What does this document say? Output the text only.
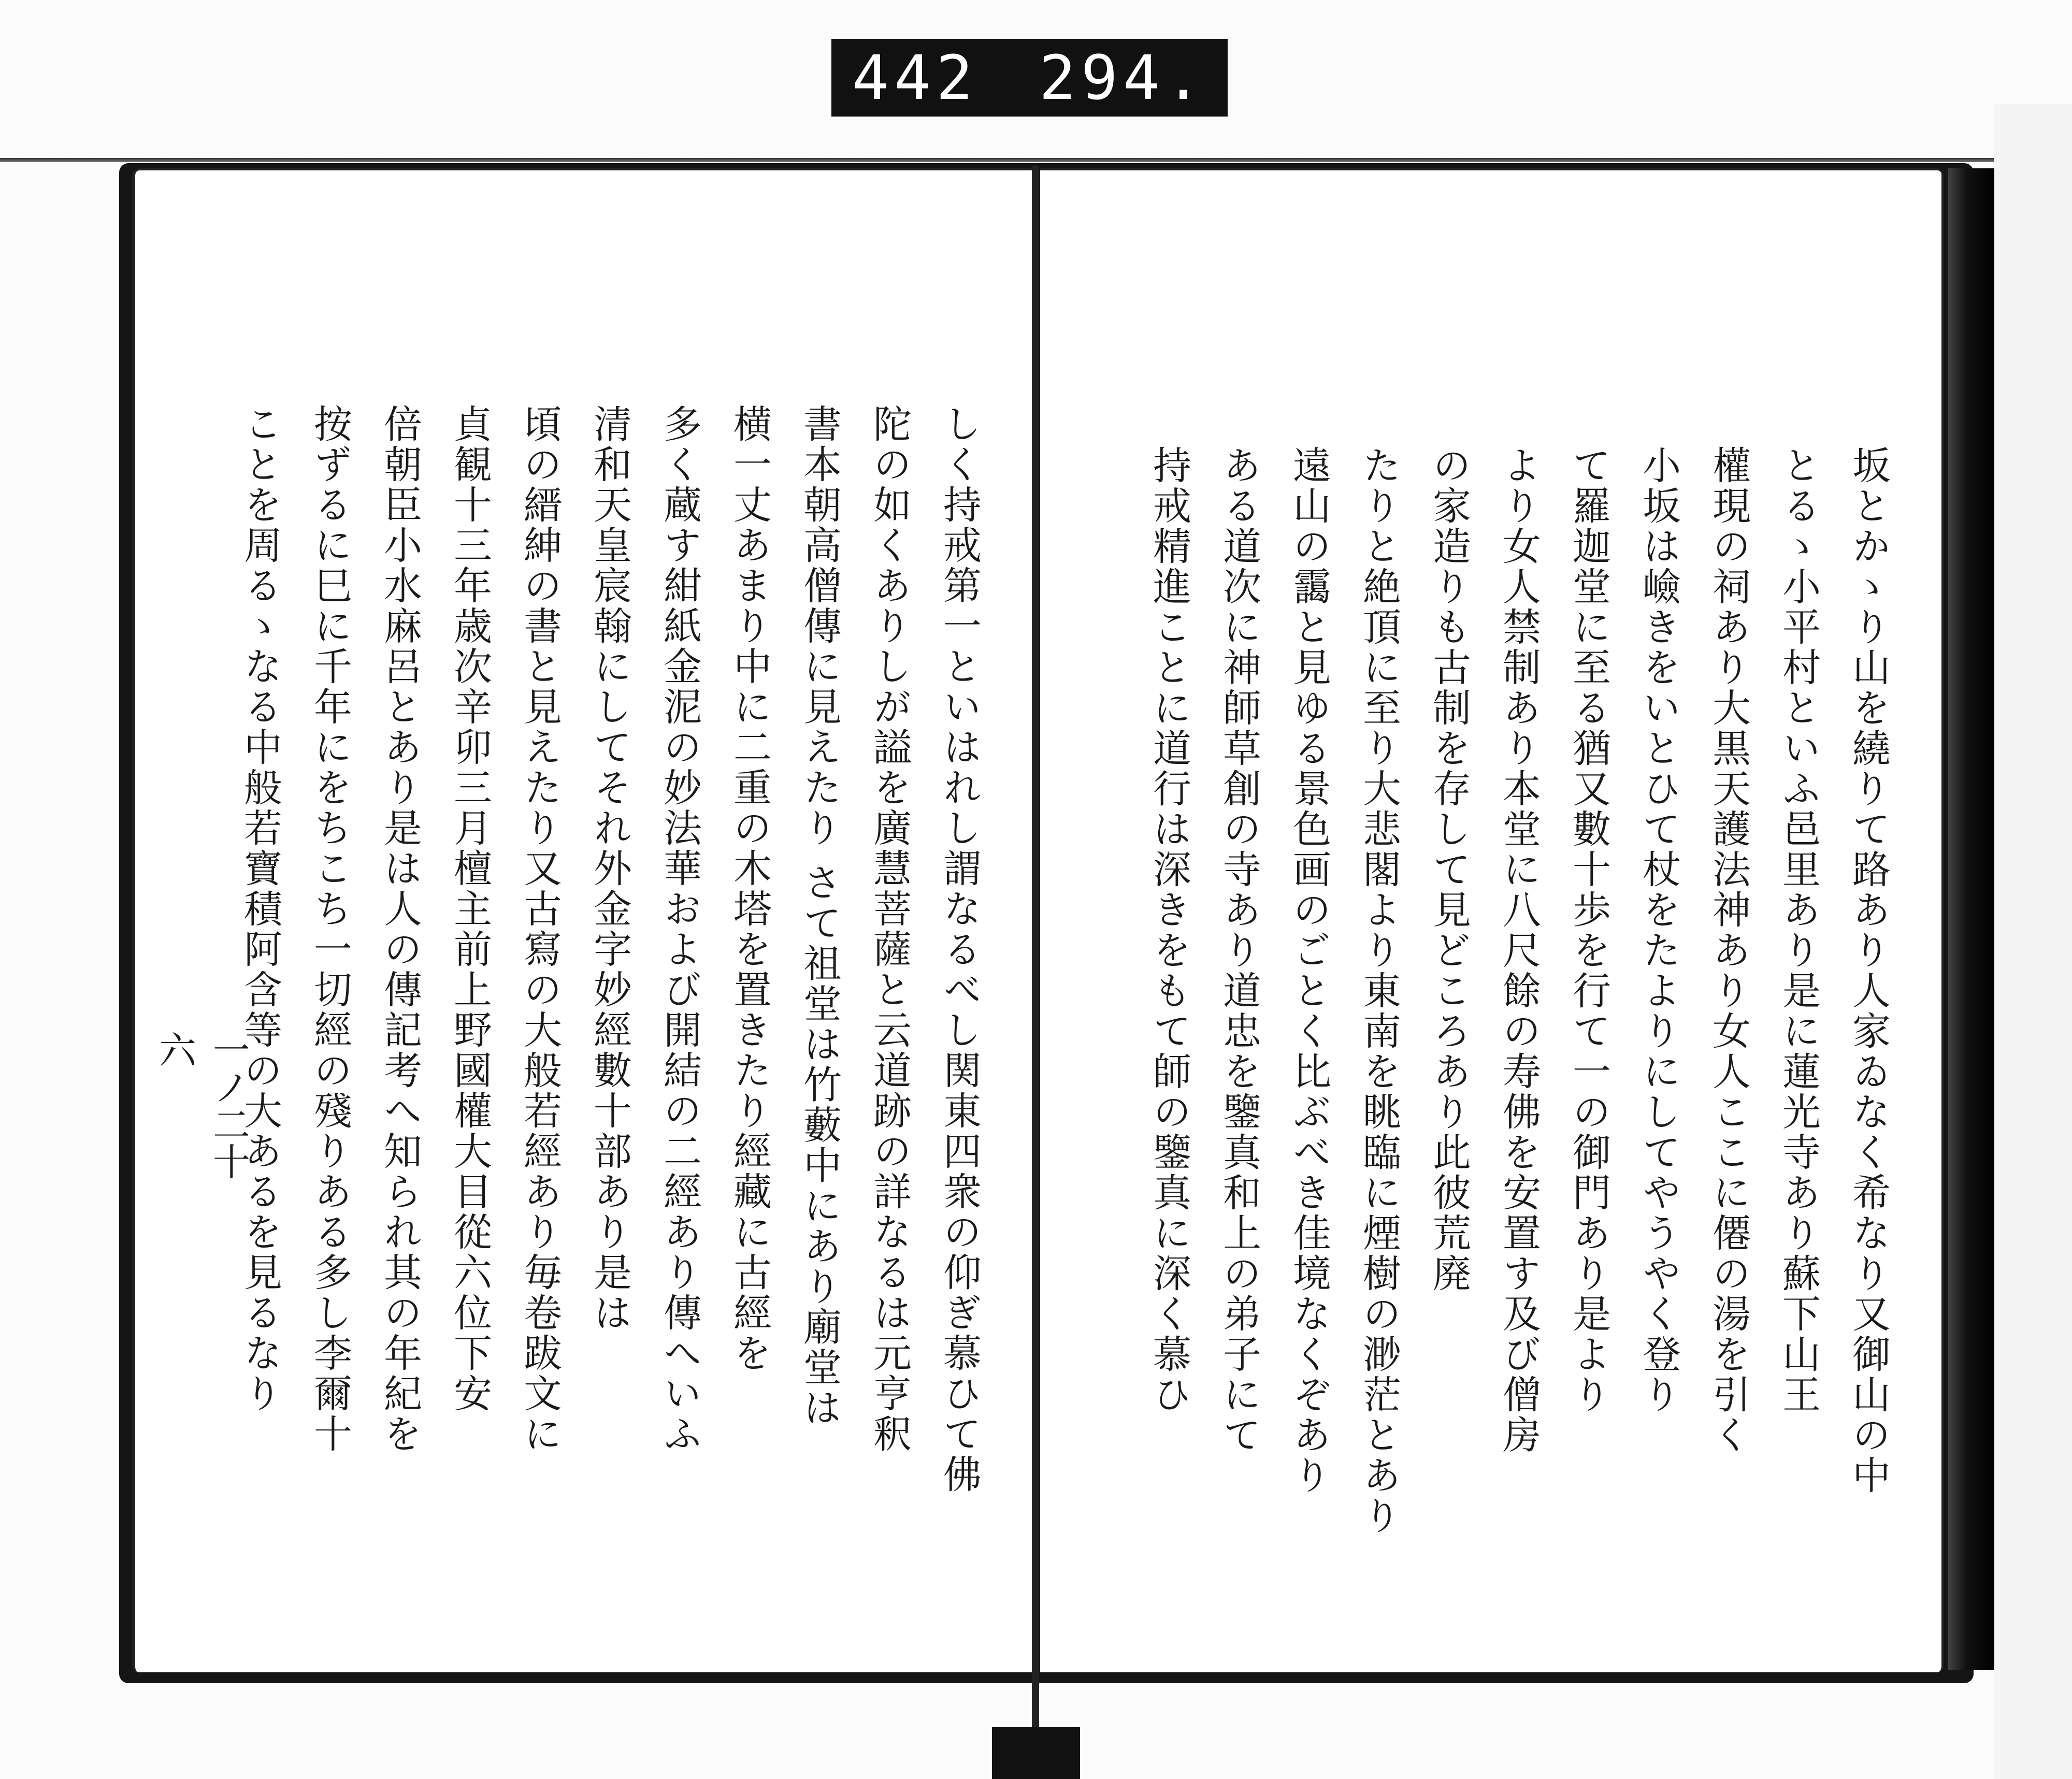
442 294.
坂とかゝり山を繞りて路あり人家ゐなく希なり又御山の中
とるゝ小平村といふ邑里あり是に蓮光寺あり蘇下山王
權現の祠あり大黒天護法神あり女人ここに僊の湯を引く
小坂は嶮きをいとひて杖をたよりにしてやうやく登り
て羅迦堂に至る猶又數十歩を行て一の御門あり是より
より女人禁制あり本堂に八尺餘の寿佛を安置す及び僧房
の家造りも古制を存して見どころあり此彼荒廃
たりと絶頂に至り大悲閣より東南を眺臨に煙樹の渺茫とあり
遠山の靄と見ゆる景色画のごとく比ぶべき佳境なくぞあり
ある道次に神師草創の寺あり道忠を鑒真和上の弟子にて
持戒精進ことに道行は深きをもて師の鑒真に深く慕ひ
しく持戒第一といはれし謂なるべし関東四衆の仰ぎ慕ひて佛
陀の如くありしが謚を廣慧菩薩と云道跡の詳なるは元亨釈
書本朝高僧傳に見えたり さて祖堂は竹藪中にあり廟堂は
横一丈あまり中に二重の木塔を置きたり經藏に古經を
多く蔵す紺紙金泥の妙法華および開結の二經あり傳へいふ
清和天皇宸翰にしてそれ外金字妙經數十部あり是は
頃の縉紳の書と見えたり又古寫の大般若經あり毎卷跋文に
貞観十三年歳次辛卯三月檀主前上野國權大目從六位下安
倍朝臣小水麻呂とあり是は人の傳記考へ知られ其の年紀を
按ずるに巳に千年にをちこち一切經の殘りある多し李爾十
ことを周るゝなる中般若寶積阿含等の大あるを見るなり
一ノ二十六
